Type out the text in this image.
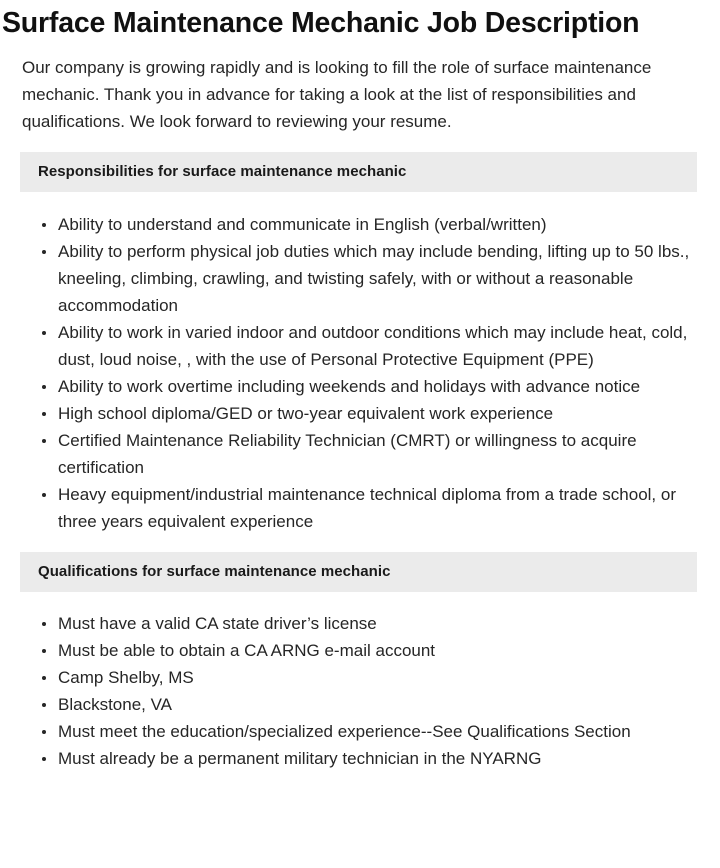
Surface Maintenance Mechanic Job Description

Our company is growing rapidly and is looking to fill the role of surface maintenance mechanic. Thank you in advance for taking a look at the list of responsibilities and qualifications. We look forward to reviewing your resume.

Responsibilities for surface maintenance mechanic
Ability to understand and communicate in English (verbal/written)
Ability to perform physical job duties which may include bending, lifting up to 50 lbs., kneeling, climbing, crawling, and twisting safely, with or without a reasonable accommodation
Ability to work in varied indoor and outdoor conditions which may include heat, cold, dust, loud noise, , with the use of Personal Protective Equipment (PPE)
Ability to work overtime including weekends and holidays with advance notice
High school diploma/GED or two-year equivalent work experience
Certified Maintenance Reliability Technician (CMRT) or willingness to acquire certification
Heavy equipment/industrial maintenance technical diploma from a trade school, or three years equivalent experience
Qualifications for surface maintenance mechanic
Must have a valid CA state driver’s license
Must be able to obtain a CA ARNG e-mail account
Camp Shelby, MS
Blackstone, VA
Must meet the education/specialized experience--See Qualifications Section
Must already be a permanent military technician in the NYARNG
